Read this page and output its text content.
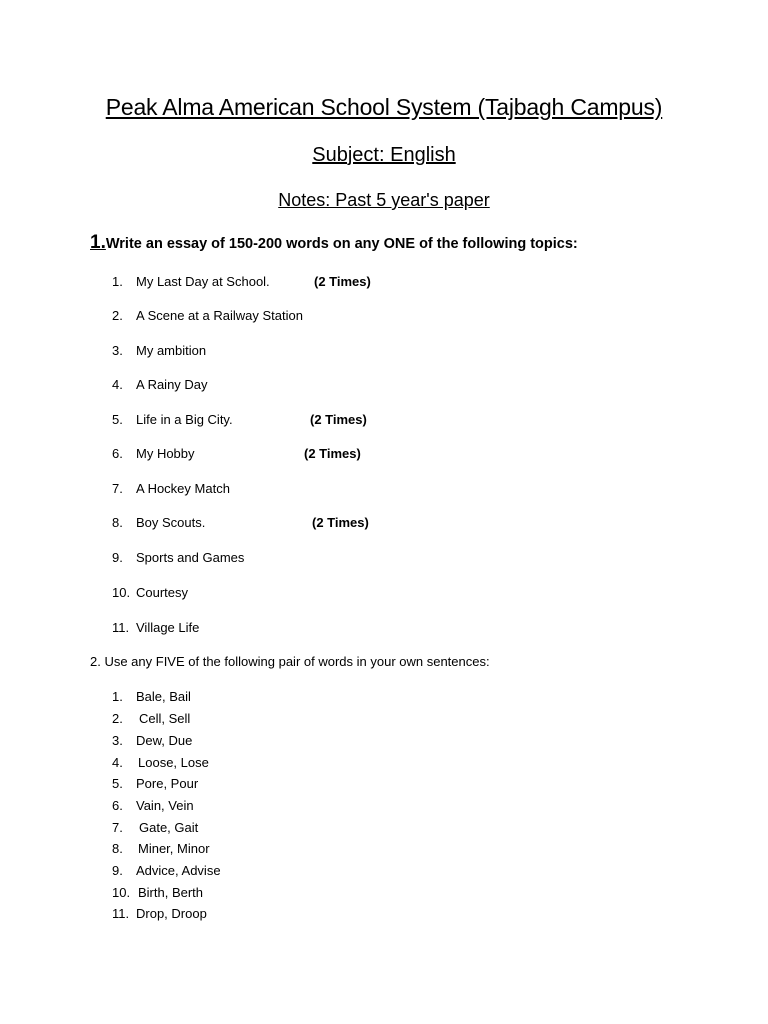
Peak Alma American School System (Tajbagh Campus)
Subject: English
Notes: Past 5 year's paper
1.Write an essay of 150-200 words on any ONE of the following topics:
1.	My Last Day at School.	(2 Times)
2.	A Scene at a Railway Station
3.	My ambition
4.	A Rainy Day
5.	Life in a Big City.	(2 Times)
6.	My Hobby	(2 Times)
7.	A Hockey Match
8.	Boy Scouts.	(2 Times)
9.	Sports and Games
10. Courtesy
11. Village Life
2. Use any FIVE of the following pair of words in your own sentences:
1.	Bale, Bail
2.	Cell, Sell
3.	Dew, Due
4.	Loose, Lose
5.	Pore, Pour
6.	Vain, Vein
7.	Gate, Gait
8.	Miner, Minor
9.	Advice, Advise
10. Birth, Berth
11. Drop, Droop
